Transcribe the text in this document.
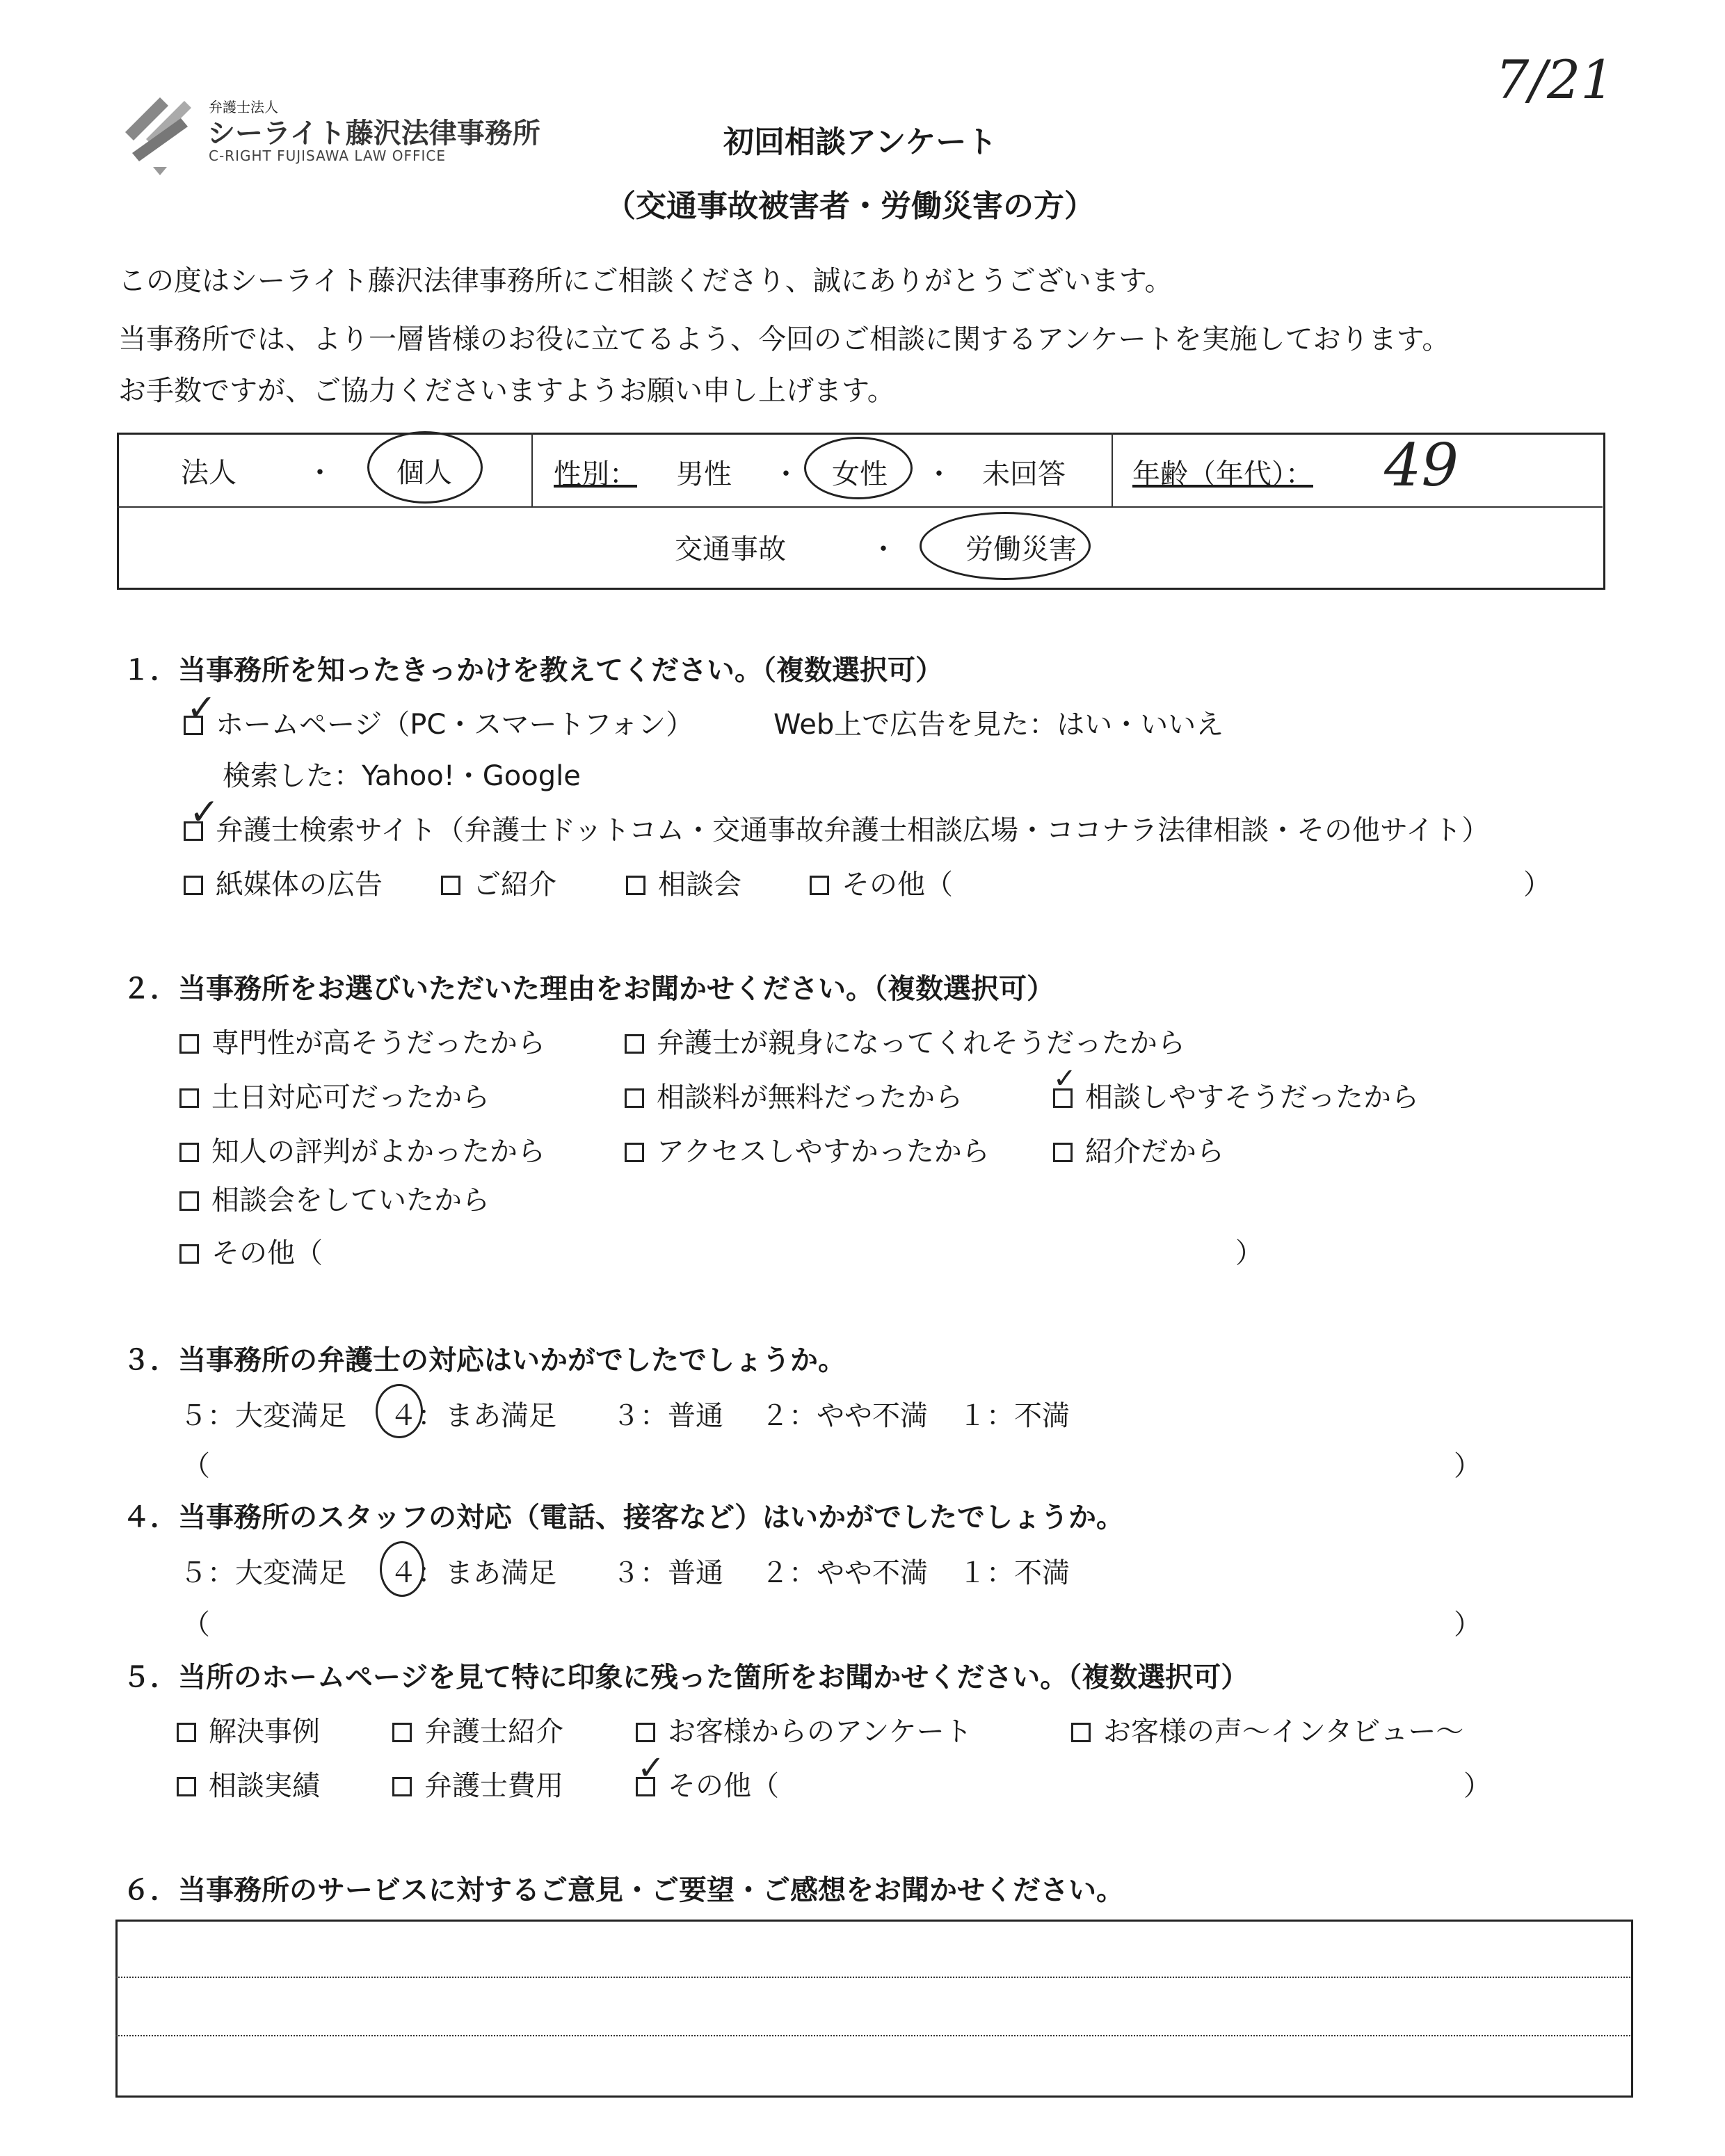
7/21
弁護士法人
シーライト藤沢法律事務所
C-RIGHT FUJISAWA LAW OFFICE	初回相談アンケート
（交通事故被害者・労働災害の方）
この度はシーライト藤沢法律事務所にご相談くださり、誠にありがとうございます。
当事務所では、より一層皆様のお役に立てるよう、今回のご相談に関するアンケートを実施しております。
お手数ですが、ご協力くださいますようお願い申し上げます。
法人	・ 個人	性別： 男性 ・ 女性 ・ 未回答 年齢（年代）： 49
交通事故	・ 労働災害
１．当事務所を知ったきっかけを教えてください。（複数選択可）
ホームページ（PC・スマートフォン）
✓	Web上で広告を見た：はい・いいえ
検索した：Yahoo!・Google
弁護士検索サイト（弁護士ドットコム・交通事故弁護士相談広場・ココナラ法律相談・その他サイト）
✓
紙媒体の広告	ご紹介	相談会	その他（	）
２．当事務所をお選びいただいた理由をお聞かせください。（複数選択可）
専門性が高そうだったから	弁護士が親身になってくれそうだったから
土日対応可だったから	相談料が無料だったから	相談しやすそうだったから
✓
知人の評判がよかったから	アクセスしやすかったから	紹介だから
相談会をしていたから
その他（	）
３．当事務所の弁護士の対応はいかがでしたでしょうか。
５：大変満足 ４：まあ満足 ３：普通 ２：やや不満 １：不満
（	）
４．当事務所のスタッフの対応（電話、接客など）はいかがでしたでしょうか。
５：大変満足 ４：まあ満足 ３：普通 ２：やや不満 １：不満
（	）
５．当所のホームページを見て特に印象に残った箇所をお聞かせください。（複数選択可）
解決事例	弁護士紹介	お客様からのアンケート	お客様の声～インタビュー～
相談実績	弁護士費用	その他（
✓	）
６．当事務所のサービスに対するご意見・ご要望・ご感想をお聞かせください。
